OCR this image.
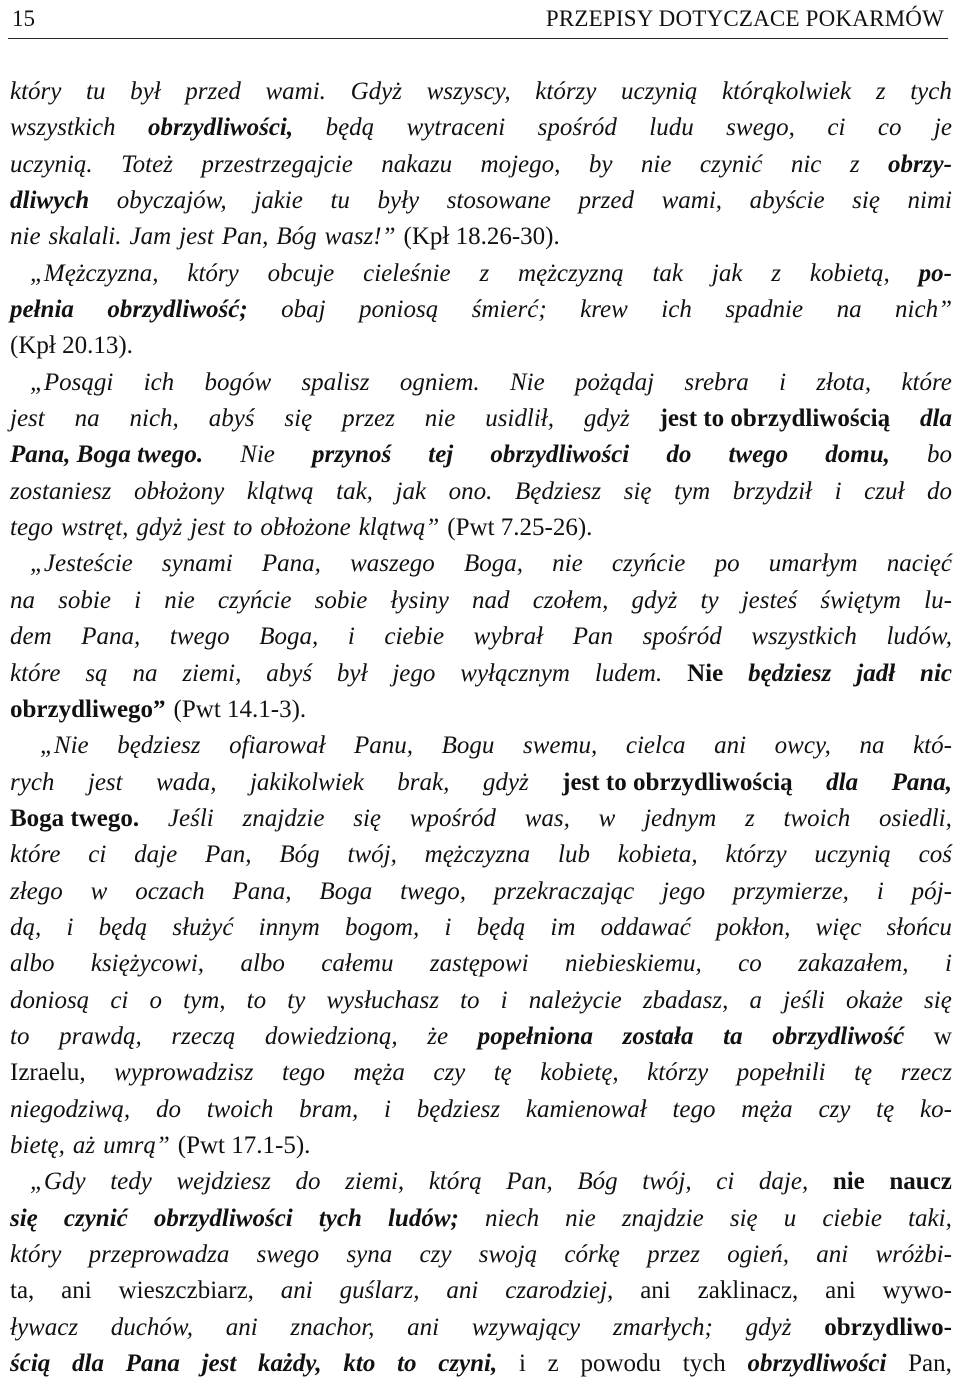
15	PRZEPISY DOTYCZACE POKARMÓW
który tu był przed wami. Gdyż wszyscy, którzy uczynią którąkolwiek z tych
wszystkich obrzydliwości, będą wytraceni spośród ludu swego, ci co je
uczynią. Toteż przestrzegajcie nakazu mojego, by nie czynić nic z obrzy-
dliwych obyczajów, jakie tu były stosowane przed wami, abyście się nimi
nie skalali. Jam jest Pan, Bóg wasz!” (Kpł 18.26-30).
„Mężczyzna, który obcuje cieleśnie z mężczyzną tak jak z kobietą, po-
pełnia obrzydliwość; obaj poniosą śmierć; krew ich spadnie na nich”
(Kpł 20.13).
„Posągi ich bogów spalisz ogniem. Nie pożądaj srebra i złota, które
jest na nich, abyś się przez nie usidlił, gdyż jest to obrzydliwością dla
Pana, Boga twego. Nie przynoś tej obrzydliwości do twego domu, bo
zostaniesz obłożony klątwą tak, jak ono. Będziesz się tym brzydził i czuł do
tego wstręt, gdyż jest to obłożone klątwą” (Pwt 7.25-26).
„Jesteście synami Pana, waszego Boga, nie czyńcie po umarłym nacięć
na sobie i nie czyńcie sobie łysiny nad czołem, gdyż ty jesteś świętym lu-
dem Pana, twego Boga, i ciebie wybrał Pan spośród wszystkich ludów,
które są na ziemi, abyś był jego wyłącznym ludem. Nie będziesz jadł nic
obrzydliwego” (Pwt 14.1-3).
„Nie będziesz ofiarował Panu, Bogu swemu, cielca ani owcy, na któ-
rych jest wada, jakikolwiek brak, gdyż jest to obrzydliwością dla Pana,
Boga twego. Jeśli znajdzie się wpośród was, w jednym z twoich osiedli,
które ci daje Pan, Bóg twój, mężczyzna lub kobieta, którzy uczynią coś
złego w oczach Pana, Boga twego, przekraczając jego przymierze, i pój-
dą, i będą służyć innym bogom, i będą im oddawać pokłon, więc słońcu
albo księżycowi, albo całemu zastępowi niebieskiemu, co zakazałem, i
doniosą ci o tym, to ty wysłuchasz to i należycie zbadasz, a jeśli okaże się
to prawdą, rzeczą dowiedzioną, że popełniona została ta obrzydliwość w
Izraelu, wyprowadzisz tego męża czy tę kobietę, którzy popełnili tę rzecz
niegodziwą, do twoich bram, i będziesz kamienował tego męża czy tę ko-
bietę, aż umrą” (Pwt 17.1-5).
„Gdy tedy wejdziesz do ziemi, którą Pan, Bóg twój, ci daje, nie naucz
się czynić obrzydliwości tych ludów; niech nie znajdzie się u ciebie taki,
który przeprowadza swego syna czy swoją córkę przez ogień, ani wróżbi-
ta, ani wieszczbiarz, ani guślarz, ani czarodziej, ani zaklinacz, ani wywo-
ływacz duchów, ani znachor, ani wzywający zmarłych; gdyż obrzydliwo-
ścią dla Pana jest każdy, kto to czyni, i z powodu tych obrzydliwości Pan,
